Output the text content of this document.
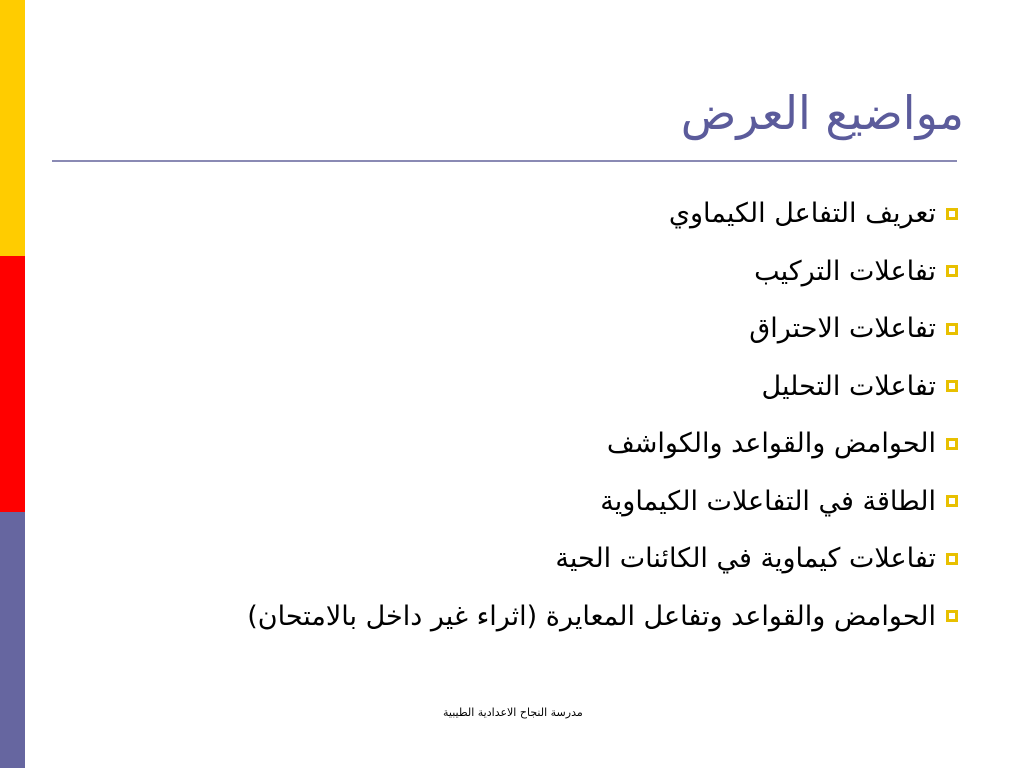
مواضيع العرض
تعريف التفاعل الكيماوي
تفاعلات التركيب
تفاعلات الاحتراق
تفاعلات التحليل
الحوامض والقواعد والكواشف
الطاقة في التفاعلات الكيماوية
تفاعلات كيماوية في الكائنات الحية
الحوامض والقواعد وتفاعل المعايرة (اثراء غير داخل بالامتحان)
مدرسة النجاح الاعدادية الطيبية
